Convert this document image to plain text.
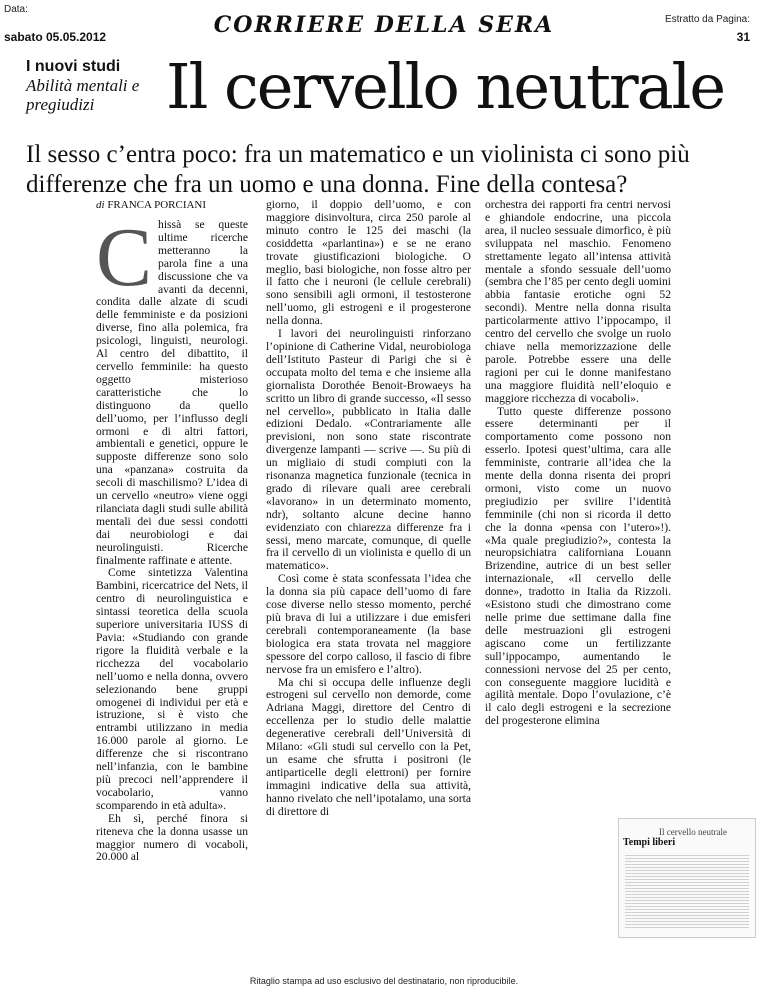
Data:
sabato 05.05.2012	CORRIERE DELLA SERA	Estratto da Pagina:
31
I nuovi studi
Abilità mentali e pregiudizi	Il cervello neutrale
Il sesso c’entra poco: fra un matematico e un violinista ci sono più differenze che fra un uomo e una donna. Fine della contesa?
di FRANCA PORCIANI

Chissà se queste ultime ricerche metteranno la parola fine a una discussione che va avanti da decenni, condita dalle alzate di scudi delle femministe e da posizioni diverse, fino alla polemica, fra psicologi, linguisti, neurologi. Al centro del dibattito, il cervello femminile: ha questo oggetto misterioso caratteristiche che lo distinguono da quello dell’uomo, per l’influsso degli ormoni e di altri fattori, ambientali e genetici, oppure le supposte differenze sono solo una «panzana» costruita da secoli di maschilismo? L’idea di un cervello «neutro» viene oggi rilanciata dagli studi sulle abilità mentali dei due sessi condotti dai neurobiologi e dai neurolinguisti. Ricerche finalmente raffinate e attente.

Come sintetizza Valentina Bambini, ricercatrice del Nets, il centro di neurolinguistica e sintassi teoretica della scuola superiore universitaria IUSS di Pavia: «Studiando con grande rigore la fluidità verbale e la ricchezza del vocabolario nell’uomo e nella donna, ovvero selezionando bene gruppi omogenei di individui per età e istruzione, si è visto che entrambi utilizzano in media 16.000 parole al giorno. Le differenze che si riscontrano nell’infanzia, con le bambine più precoci nell’apprendere il vocabolario, vanno scomparendo in età adulta».

Eh sì, perché finora si riteneva che la donna usasse un maggior numero di vocaboli, 20.000 al

giorno, il doppio dell’uomo, e con maggiore disinvoltura, circa 250 parole al minuto contro le 125 dei maschi (la cosiddetta «parlantina») e se ne erano trovate giustificazioni biologiche. O meglio, basi biologiche, non fosse altro per il fatto che i neuroni (le cellule cerebrali) sono sensibili agli ormoni, il testosterone nell’uomo, gli estrogeni e il progesterone nella donna.

I lavori dei neurolinguisti rinforzano l’opinione di Catherine Vidal, neurobiologa dell’Istituto Pasteur di Parigi che si è occupata molto del tema e che insieme alla giornalista Dorothée Benoit-Browaeys ha scritto un libro di grande successo, «Il sesso nel cervello», pubblicato in Italia dalle edizioni Dedalo. «Contrariamente alle previsioni, non sono state riscontrate divergenze lampanti — scrive —. Su più di un migliaio di studi compiuti con la risonanza magnetica funzionale (tecnica in grado di rilevare quali aree cerebrali «lavorano» in un determinato momento, ndr), soltanto alcune decine hanno evidenziato con chiarezza differenze fra i sessi, meno marcate, comunque, di quelle fra il cervello di un violinista e quello di un matematico».

Così come è stata sconfessata l’idea che la donna sia più capace dell’uomo di fare cose diverse nello stesso momento, perché più brava di lui a utilizzare i due emisferi cerebrali contemporaneamente (la base biologica era stata trovata nel maggiore spessore del corpo calloso, il fascio di fibre nervose fra un emisfero e l’altro).

Ma chi si occupa delle influenze degli estrogeni sul cervello non demorde, come Adriana Maggi, direttore del Centro di eccellenza per lo studio delle malattie degenerative cerebrali dell’Università di Milano: «Gli studi sul cervello con la Pet, un esame che sfrutta i positroni (le antiparticelle degli elettroni) per fornire immagini indicative della sua attività, hanno rivelato che nell’ipotalamo, una sorta di direttore di

orchestra dei rapporti fra centri nervosi e ghiandole endocrine, una piccola area, il nucleo sessuale dimorfico, è più sviluppata nel maschio. Fenomeno strettamente legato all’intensa attività mentale a sfondo sessuale dell’uomo (sembra che l’85 per cento degli uomini abbia fantasie erotiche ogni 52 secondi). Mentre nella donna risulta particolarmente attivo l’ippocampo, il centro del cervello che svolge un ruolo chiave nella memorizzazione delle parole. Potrebbe essere una delle ragioni per cui le donne manifestano una maggiore fluidità nell’eloquio e maggiore ricchezza di vocaboli».

Tutto queste differenze possono essere determinanti per il comportamento come possono non esserlo. Ipotesi quest’ultima, cara alle femministe, contrarie all’idea che la mente della donna risenta dei propri ormoni, visto come un nuovo pregiudizio per svilire l’identità femminile (chi non si ricorda il detto che la donna «pensa con l’utero»!). «Ma quale pregiudizio?», contesta la neuropsichiatra californiana Louann Brizendine, autrice di un best seller internazionale, «Il cervello delle donne», tradotto in Italia da Rizzoli. «Esistono studi che dimostrano come nelle prime due settimane dalla fine delle mestruazioni gli estrogeni agiscano come un fertilizzante sull’ippocampo, aumentando le connessioni nervose del 25 per cento, con conseguente maggiore lucidità e agilità mentale. Dopo l’ovulazione, c’è il calo degli estrogeni e la secrezione del progesterone elimina

Tempi liberi
Il cervello neutrale
Ritaglio stampa ad uso esclusivo del destinatario, non riproducibile.
